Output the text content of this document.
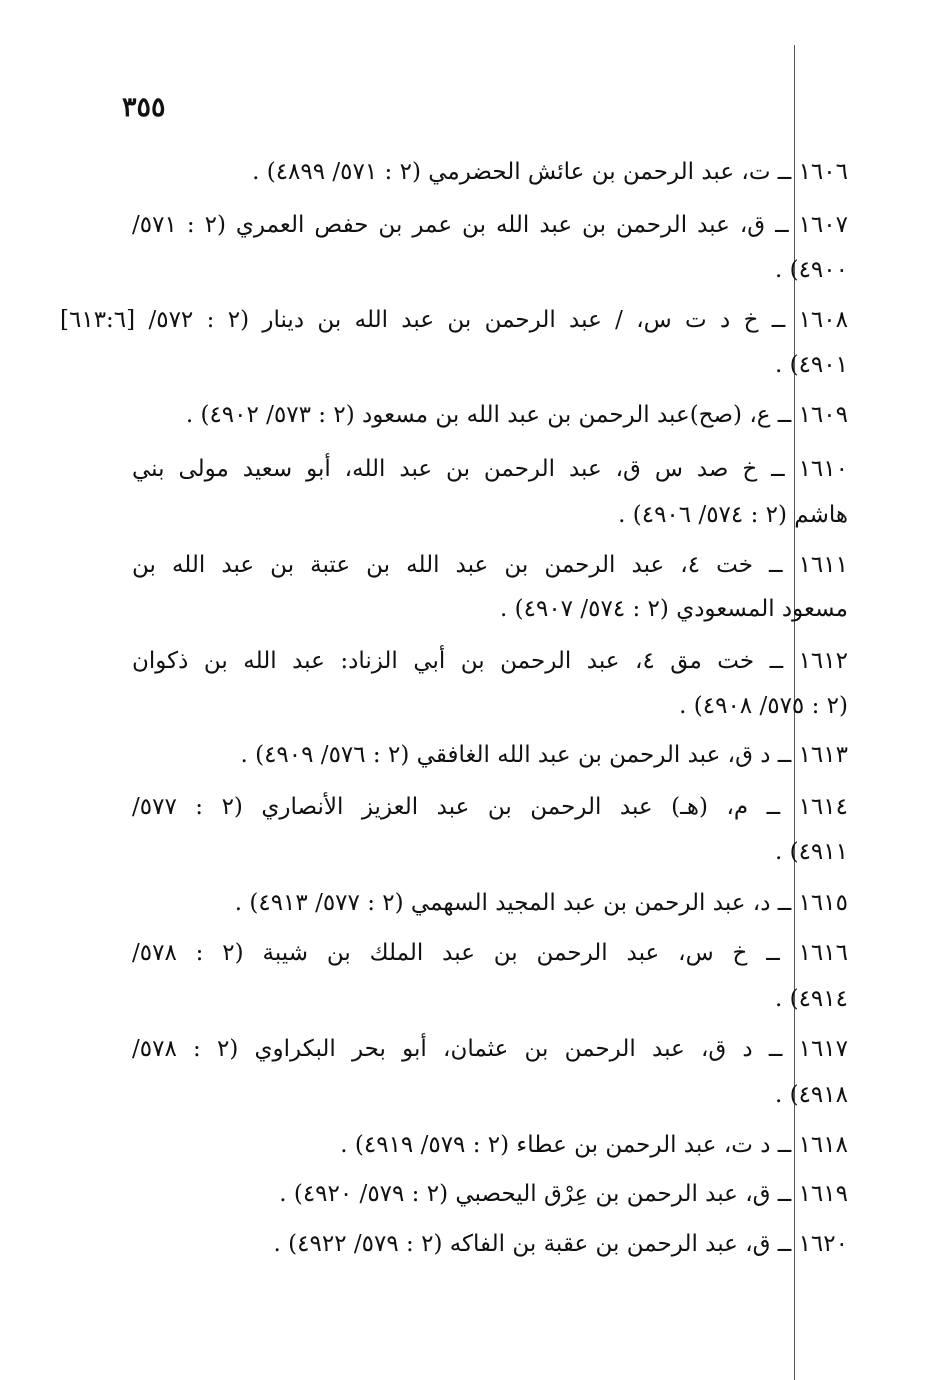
٣٥٥
١٦٠٦ ــ ت، عبد الرحمن بن عائش الحضرمي (٢ : ٥٧١/ ٤٨٩٩) .
١٦٠٧ ــ ق، عبد الرحمن بن عبد الله بن عمر بن حفص العمري (٢ : ٥٧١/
٤٩٠٠) .
١٦٠٨ ــ خ د ت س، / عبد الرحمن بن عبد الله بن دينار (٢ : ٥٧٢/ [٦١٣:٦]
٤٩٠١) .
١٦٠٩ ــ ع، (صح)عبد الرحمن بن عبد الله بن مسعود (٢ : ٥٧٣/ ٤٩٠٢) .
١٦١٠ ــ خ صد س ق، عبد الرحمن بن عبد الله، أبو سعيد مولى بني
هاشم (٢ : ٥٧٤/ ٤٩٠٦) .
١٦١١ ــ خت ٤، عبد الرحمن بن عبد الله بن عتبة بن عبد الله بن
مسعود المسعودي (٢ : ٥٧٤/ ٤٩٠٧) .
١٦١٢ ــ خت مق ٤، عبد الرحمن بن أبي الزناد: عبد الله بن ذكوان
(٢ : ٥٧٥/ ٤٩٠٨) .
١٦١٣ ــ د ق، عبد الرحمن بن عبد الله الغافقي (٢ : ٥٧٦/ ٤٩٠٩) .
١٦١٤ ــ م، (هـ) عبد الرحمن بن عبد العزيز الأنصاري (٢ : ٥٧٧/
٤٩١١) .
١٦١٥ ــ د، عبد الرحمن بن عبد المجيد السهمي (٢ : ٥٧٧/ ٤٩١٣) .
١٦١٦ ــ خ س، عبد الرحمن بن عبد الملك بن شيبة (٢ : ٥٧٨/
٤٩١٤) .
١٦١٧ ــ د ق، عبد الرحمن بن عثمان، أبو بحر البكراوي (٢ : ٥٧٨/
٤٩١٨) .
١٦١٨ ــ د ت، عبد الرحمن بن عطاء (٢ : ٥٧٩/ ٤٩١٩) .
١٦١٩ ــ ق، عبد الرحمن بن عِرْق اليحصبي (٢ : ٥٧٩/ ٤٩٢٠) .
١٦٢٠ ــ ق، عبد الرحمن بن عقبة بن الفاكه (٢ : ٥٧٩/ ٤٩٢٢) .
